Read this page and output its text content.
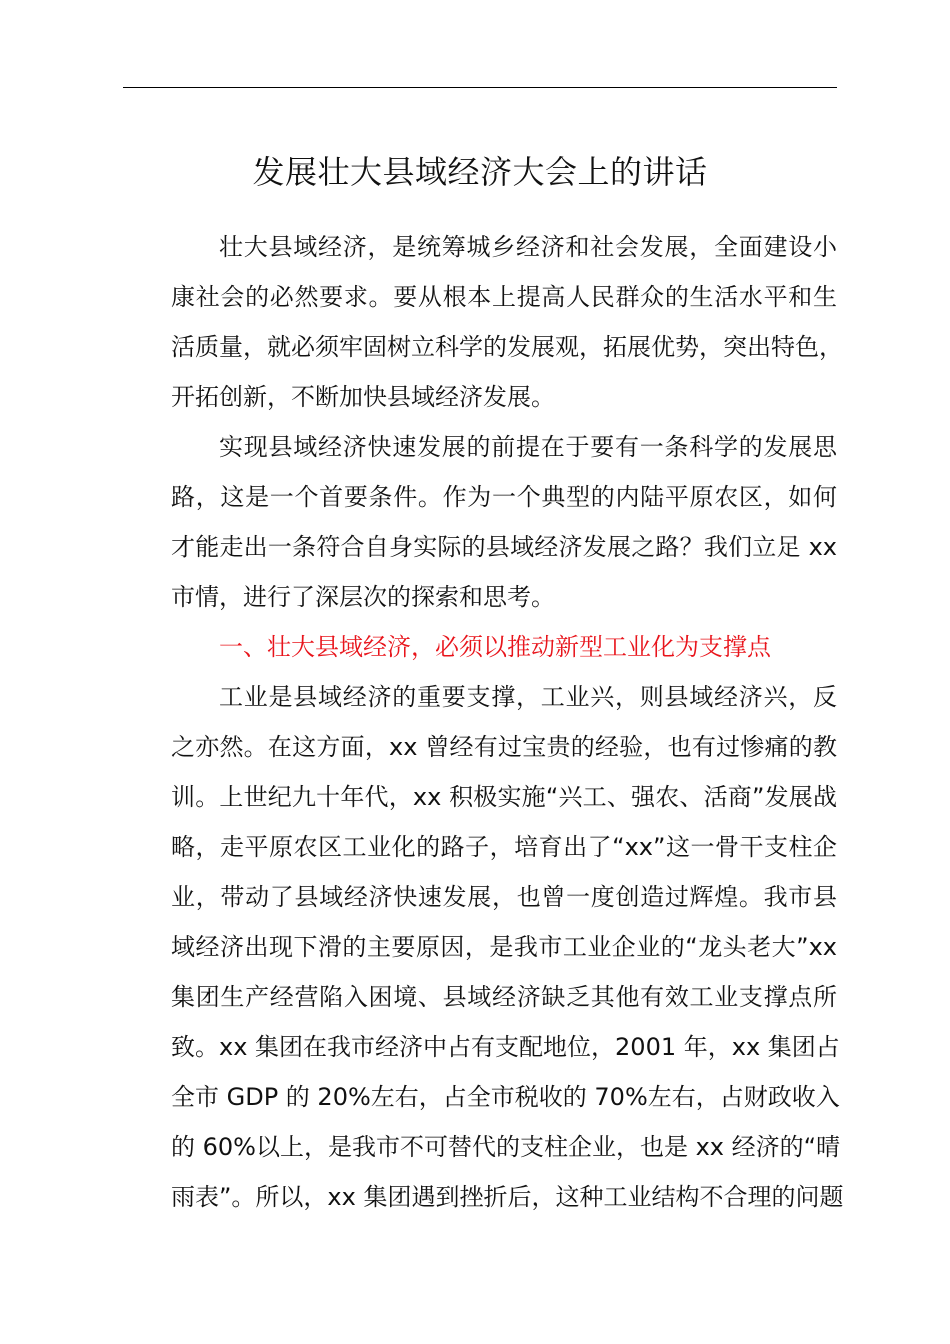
发展壮大县域经济大会上的讲话
壮大县域经济，是统筹城乡经济和社会发展，全面建设小
康社会的必然要求。要从根本上提高人民群众的生活水平和生
活质量，就必须牢固树立科学的发展观，拓展优势，突出特色，
开拓创新，不断加快县域经济发展。
实现县域经济快速发展的前提在于要有一条科学的发展思
路，这是一个首要条件。作为一个典型的内陆平原农区，如何
才能走出一条符合自身实际的县域经济发展之路？我们立足 xx
市情，进行了深层次的探索和思考。
一、壮大县域经济，必须以推动新型工业化为支撑点
工业是县域经济的重要支撑，工业兴，则县域经济兴，反
之亦然。在这方面，xx 曾经有过宝贵的经验，也有过惨痛的教
训。上世纪九十年代，xx 积极实施“兴工、强农、活商”发展战
略，走平原农区工业化的路子，培育出了“xx”这一骨干支柱企
业，带动了县域经济快速发展，也曾一度创造过辉煌。我市县
域经济出现下滑的主要原因，是我市工业企业的“龙头老大”xx
集团生产经营陷入困境、县域经济缺乏其他有效工业支撑点所
致。xx 集团在我市经济中占有支配地位，2001 年，xx 集团占
全市 GDP 的 20%左右，占全市税收的 70%左右，占财政收入
的 60%以上，是我市不可替代的支柱企业，也是 xx 经济的“晴
雨表”。所以，xx 集团遇到挫折后，这种工业结构不合理的问题
